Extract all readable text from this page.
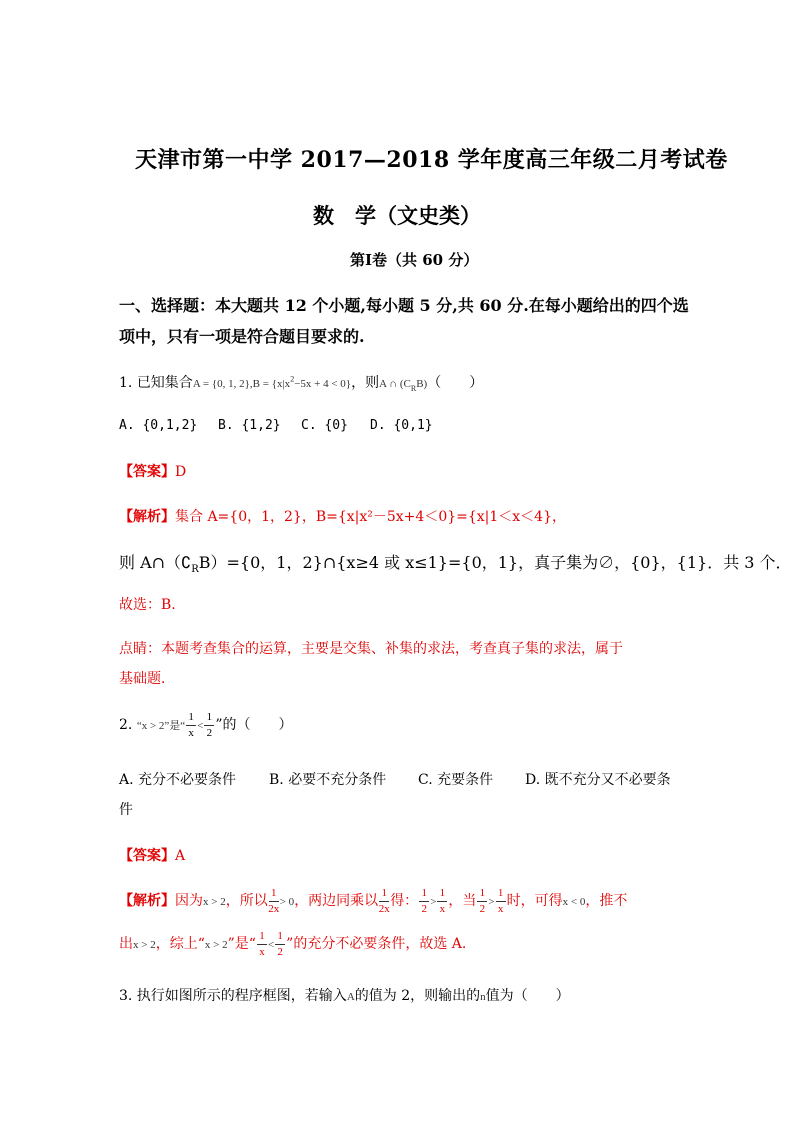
天津市第一中学 2017—2018 学年度高三年级二月考试卷
数　学（文史类）
第Ⅰ卷（共 60 分）
一、选择题：本大题共 12 个小题,每小题 5 分,共 60 分.在每小题给出的四个选
项中，只有一项是符合题目要求的.
1. 已知集合A = {0, 1, $2\},B = \{x|x^2-5x + 4 < 0\}$，则A ∩ $(C_RB)$（　　）
A. {0,1,2} B. {1,2} C. {0} D. {0,1}
【答案】D
【解析】集合 A={0，1，2}，B={x|x²－5x+4＜0}={x|1＜x＜4}，
则 $A\cap(∁_RB)=\{0$，1，2}∩{x≥4 或 x≤1}={0，1}，真子集为∅，{0}，{1}．共 3 个．
故选：B.
点睛：本题考查集合的运算，主要是交集、补集的求法，考查真子集的求法，属于
基础题．
2. “x > 2”是“ $\frac{1}{x} < \frac{1}{2}$ ”的（　　）
A. 充分不必要条件 B. 必要不充分条件 C. 充要条件 D. 既不充分又不必要条
件
【答案】A
【解析】因为x > 2，所以 $\frac{1}{2x} > 0$，两边同乘以 $\frac{1}{2x}$ 得： $\frac{1}{2} > \frac{1}{x}$ ，当 $\frac{1}{2} > \frac{1}{x}$ 时，可得x < 0，推不
出x > 2，综上“x > 2”是“ $\frac{1}{x} < \frac{1}{2}$ ”的充分不必要条件，故选 A.
3. 执行如图所示的程序框图，若输入A的值为 2，则输出的n值为（　　）
